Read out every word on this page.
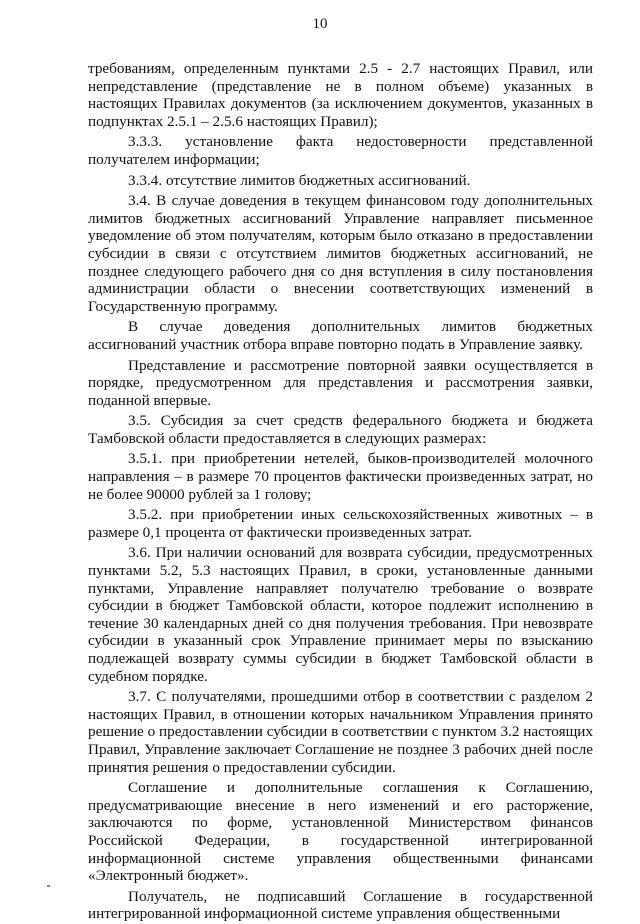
10

требованиям, определенным пунктами 2.5 - 2.7 настоящих Правил, или непредставление (представление не в полном объеме) указанных в настоящих Правилах документов (за исключением документов, указанных в подпунктах 2.5.1 – 2.5.6 настоящих Правил);

3.3.3. установление факта недостоверности представленной получателем информации;

3.3.4. отсутствие лимитов бюджетных ассигнований.

3.4. В случае доведения в текущем финансовом году дополнительных лимитов бюджетных ассигнований Управление направляет письменное уведомление об этом получателям, которым было отказано в предоставлении субсидии в связи с отсутствием лимитов бюджетных ассигнований, не позднее следующего рабочего дня со дня вступления в силу постановления администрации области о внесении соответствующих изменений в Государственную программу.

В случае доведения дополнительных лимитов бюджетных ассигнований участник отбора вправе повторно подать в Управление заявку.

Представление и рассмотрение повторной заявки осуществляется в порядке, предусмотренном для представления и рассмотрения заявки, поданной впервые.

3.5. Субсидия за счет средств федерального бюджета и бюджета Тамбовской области предоставляется в следующих размерах:

3.5.1. при приобретении нетелей, быков-производителей молочного направления – в размере 70 процентов фактически произведенных затрат, но не более 90000 рублей за 1 голову;

3.5.2. при приобретении иных сельскохозяйственных животных – в размере 0,1 процента от фактически произведенных затрат.

3.6. При наличии оснований для возврата субсидии, предусмотренных пунктами 5.2, 5.3 настоящих Правил, в сроки, установленные данными пунктами, Управление направляет получателю требование о возврате субсидии в бюджет Тамбовской области, которое подлежит исполнению в течение 30 календарных дней со дня получения требования. При невозврате субсидии в указанный срок Управление принимает меры по взысканию подлежащей возврату суммы субсидии в бюджет Тамбовской области в судебном порядке.

3.7. С получателями, прошедшими отбор в соответствии с разделом 2 настоящих Правил, в отношении которых начальником Управления принято решение о предоставлении субсидии в соответствии с пунктом 3.2 настоящих Правил, Управление заключает Соглашение не позднее 3 рабочих дней после принятия решения о предоставлении субсидии.

Соглашение и дополнительные соглашения к Соглашению, предусматривающие внесение в него изменений и его расторжение, заключаются по форме, установленной Министерством финансов Российской Федерации, в государственной интегрированной информационной системе управления общественными финансами «Электронный бюджет».

Получатель, не подписавший Соглашение в государственной интегрированной информационной системе управления общественными
